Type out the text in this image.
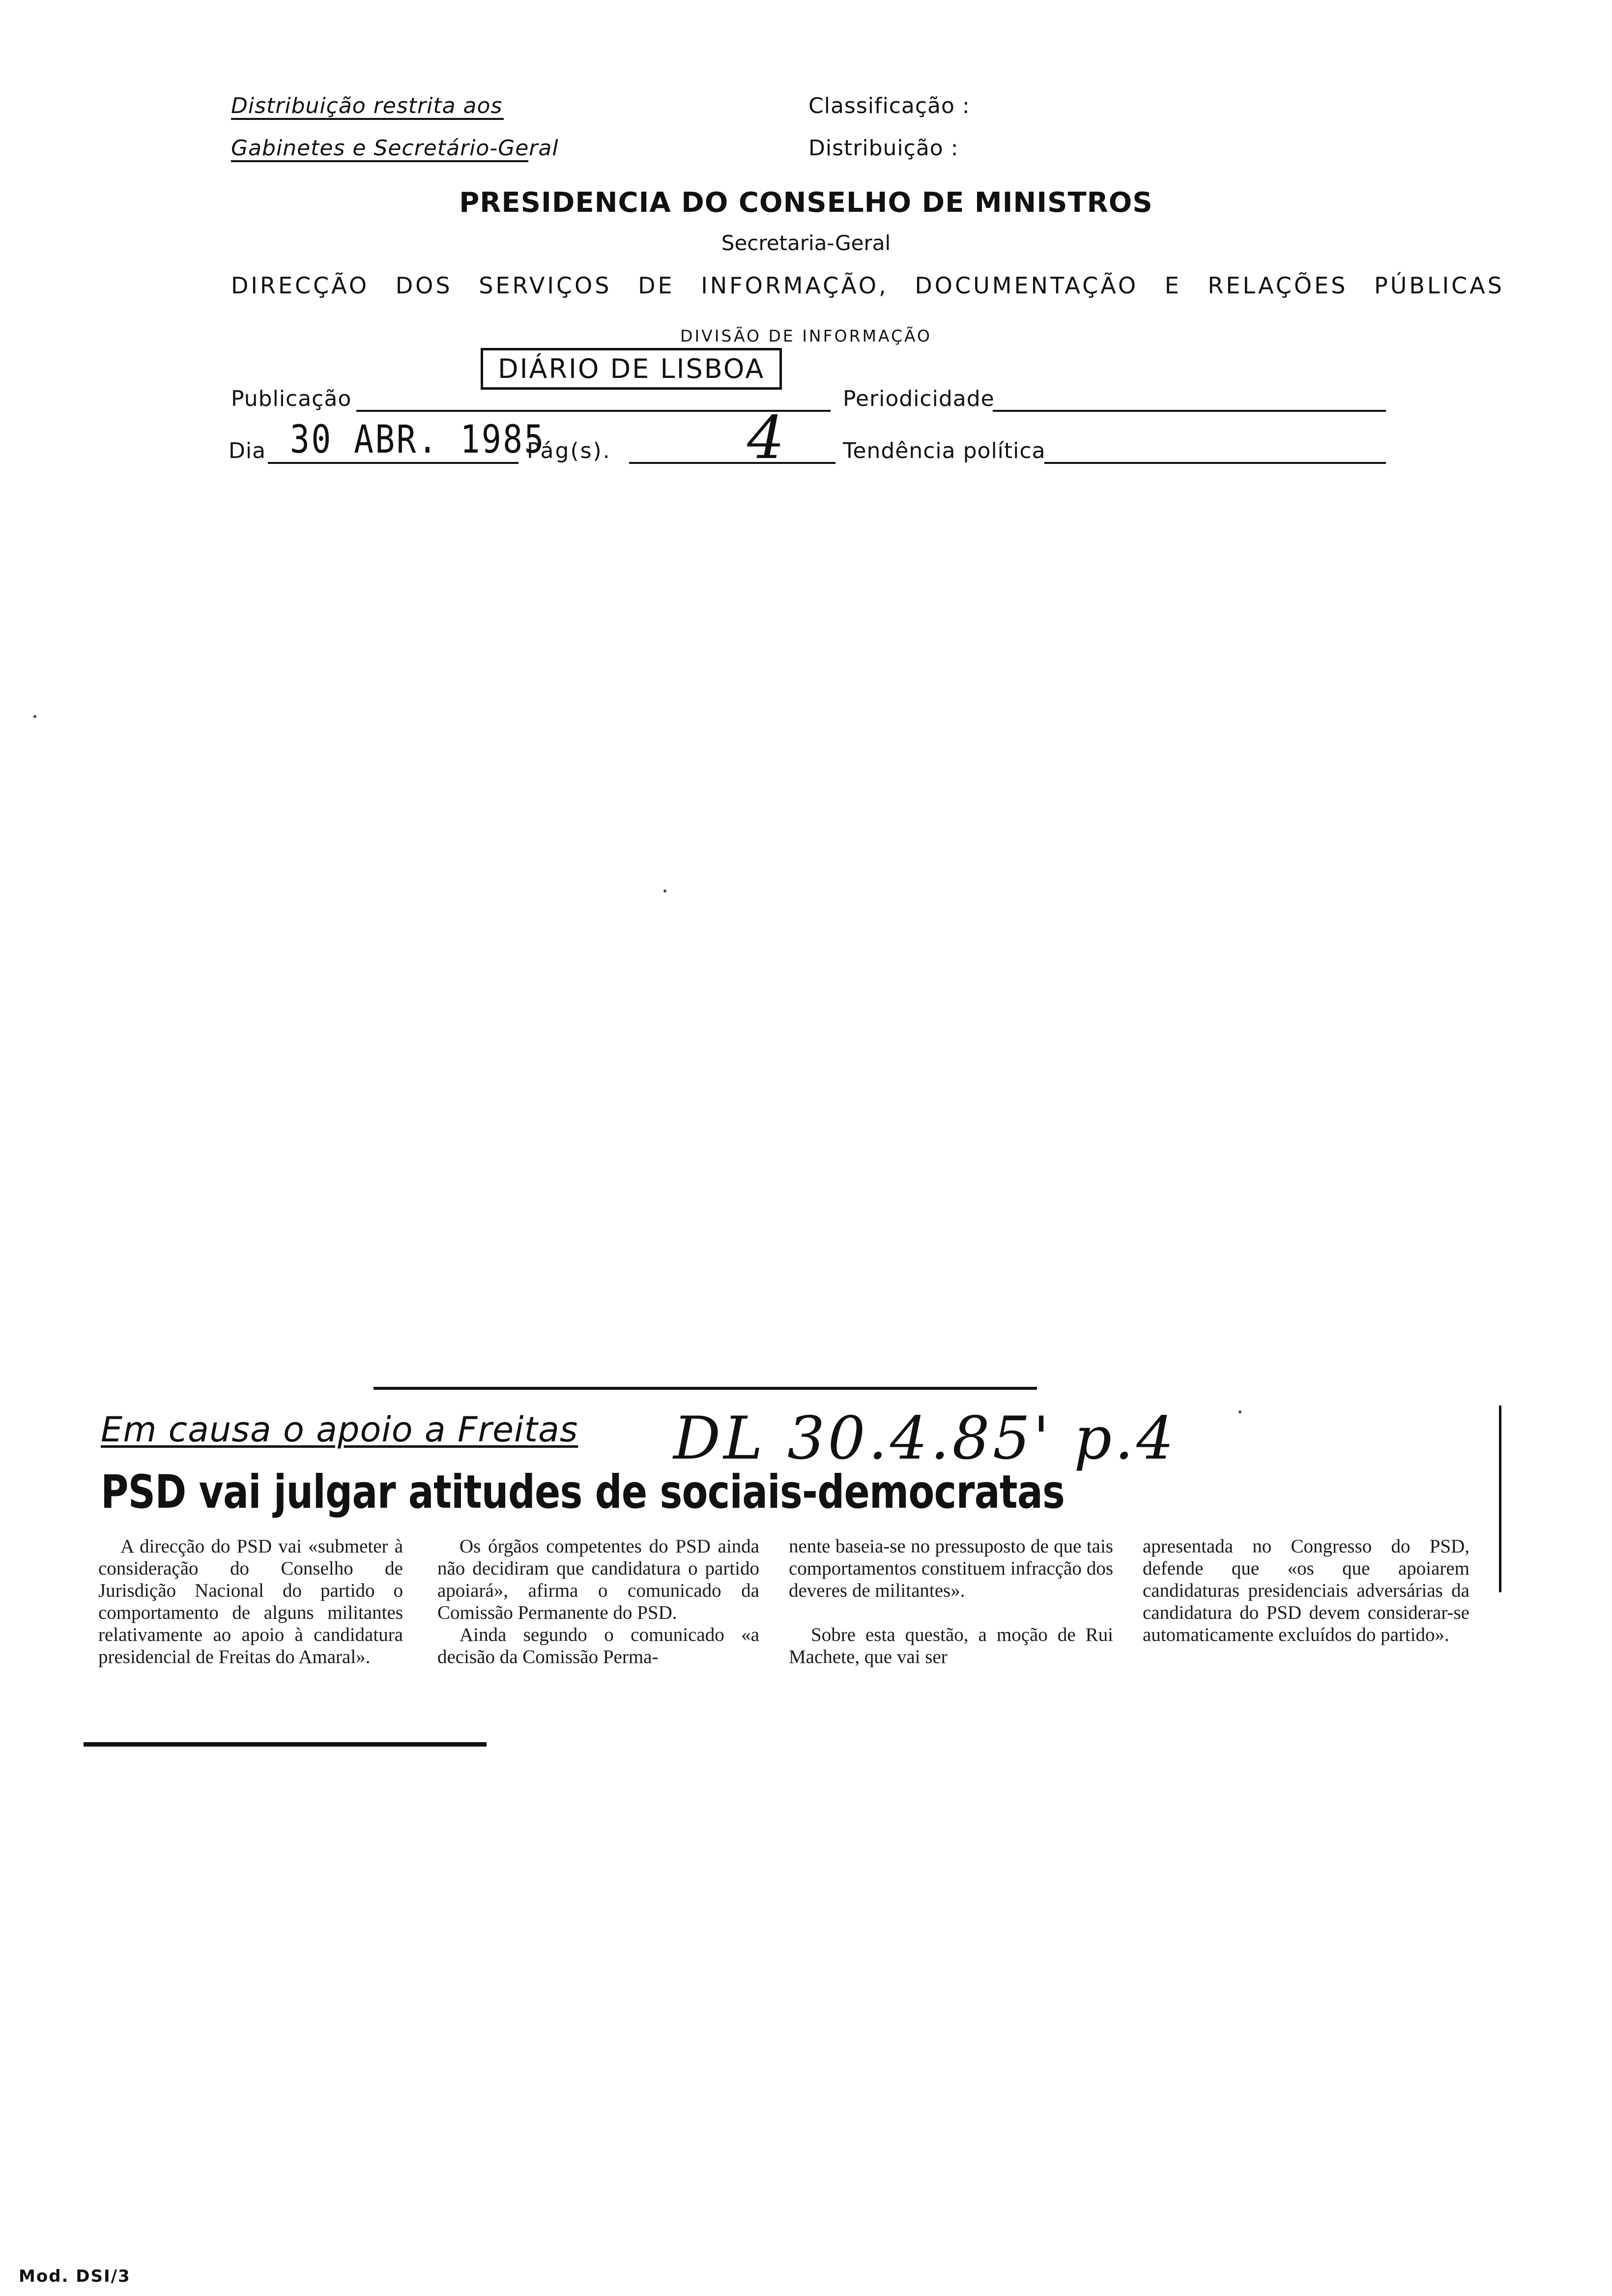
Distribuição restrita aos
Gabinetes e Secretário-Geral
Classificação :
Distribuição :
PRESIDENCIA DO CONSELHO DE MINISTROS
Secretaria-Geral
DIRECÇÃO DOS SERVIÇOS DE INFORMAÇÃO, DOCUMENTAÇÃO E RELAÇÕES PÚBLICAS
DIVISÃO DE INFORMAÇÃO
Publicação
DIÁRIO DE LISBOA
Periodicidade
Dia 30 ABR. 1985
Pág(s). 4	Tendência política
Em causa o apoio a Freitas DL 30.4.85' p.4
PSD vai julgar atitudes de sociais-democratas

A direcção do PSD vai «submeter à consideração do Conselho de Jurisdição Nacional do partido o comportamento de alguns militantes relativamente ao apoio à candidatura presidencial de Freitas do Amaral».

Os órgãos competentes do PSD ainda não decidiram que candidatura o partido apoiará», afirma o comunicado da Comissão Permanente do PSD.

Ainda segundo o comunicado «a decisão da Comissão Perma-

nente baseia-se no pressuposto de que tais comportamentos constituem infracção dos deveres de militantes».

Sobre esta questão, a moção de Rui Machete, que vai ser

apresentada no Congresso do PSD, defende que «os que apoiarem candidaturas presidenciais adversárias da candidatura do PSD devem considerar-se automaticamente excluídos do partido».

Mod. DSI/3
